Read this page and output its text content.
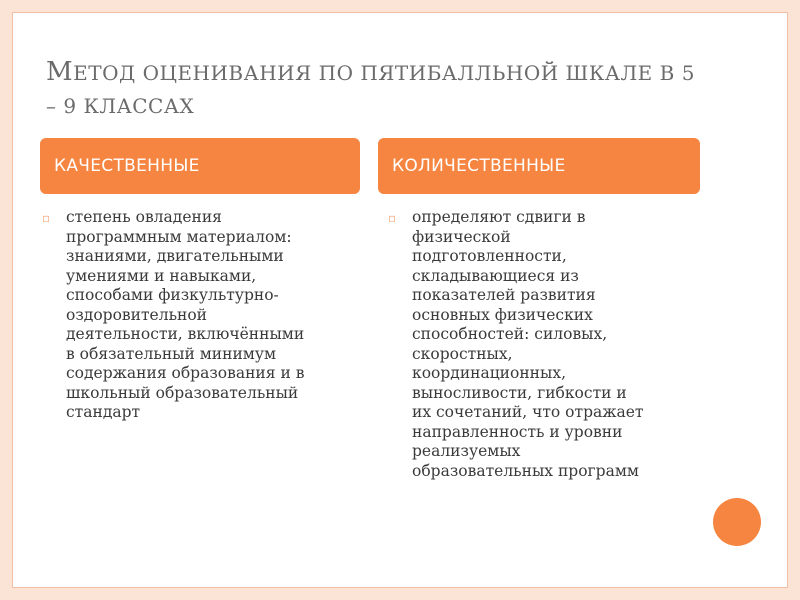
МЕТОД ОЦЕНИВАНИЯ ПО ПЯТИБАЛЛЬНОЙ ШКАЛЕ В 5
– 9 КЛАССАХ
КАЧЕСТВЕННЫЕ	КОЛИЧЕСТВЕННЫЕ
▫	степень овладения
программным материалом:
знаниями, двигательными
умениями и навыками,
способами физкультурно-
оздоровительной
деятельности, включёнными
в обязательный минимум
содержания образования и в
школьный образовательный
стандарт
▫	определяют сдвиги в
физической
подготовленности,
складывающиеся из
показателей развития
основных физических
способностей: силовых,
скоростных,
координационных,
выносливости, гибкости и
их сочетаний, что отражает
направленность и уровни
реализуемых
образовательных программ
